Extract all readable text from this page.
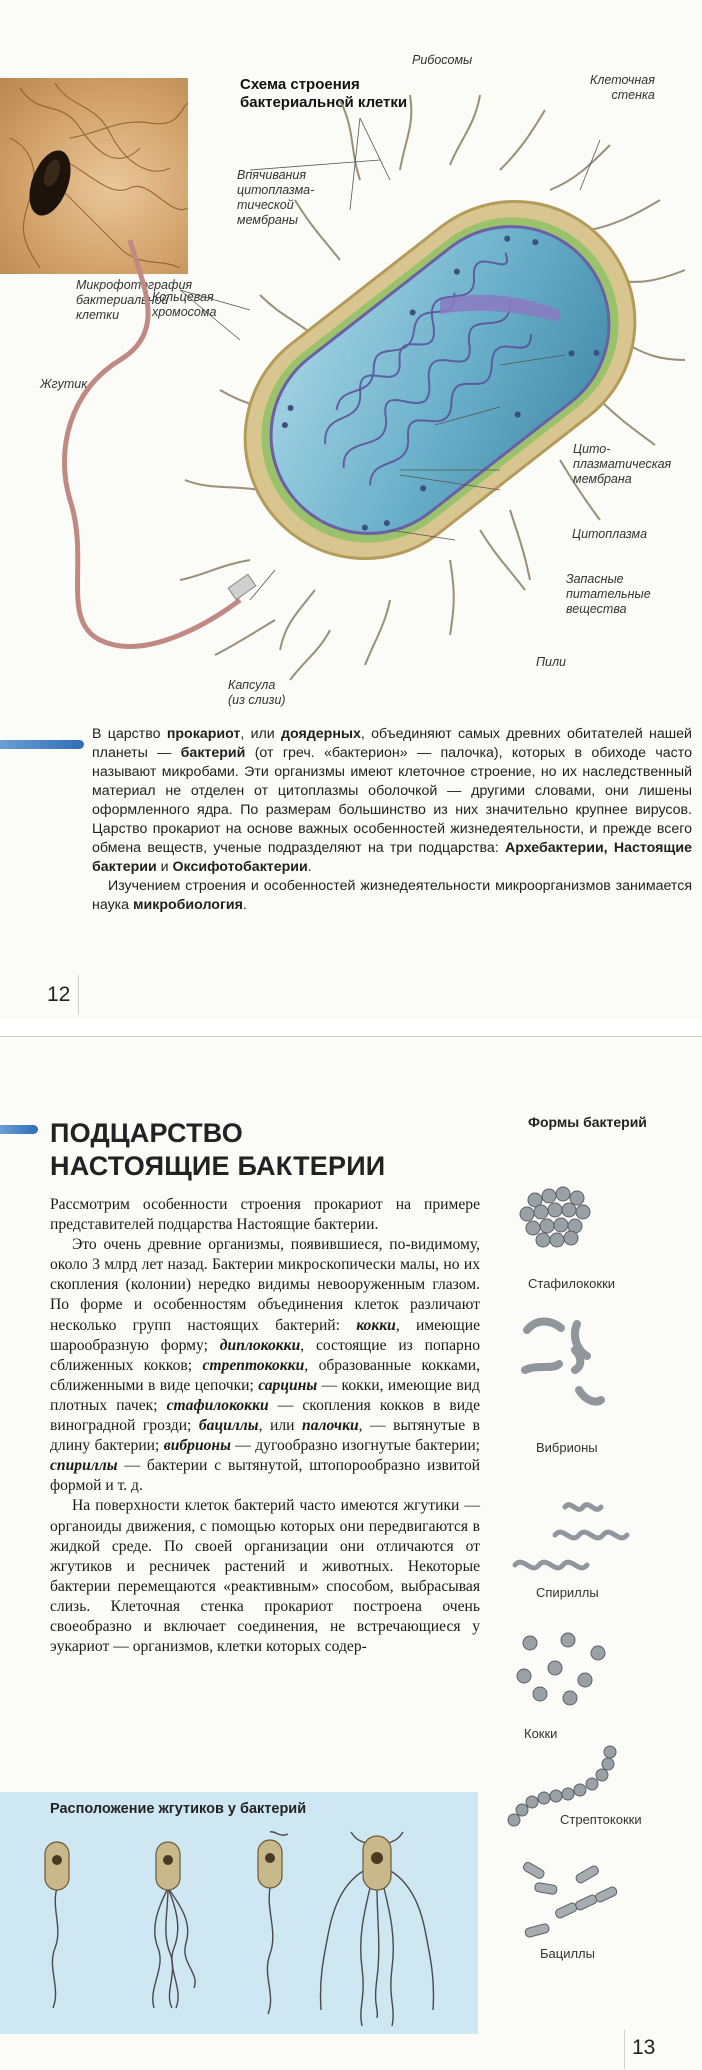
Микрофотография
бактериальной
клетки
Схема строения
бактериальной клетки
Рибосомы
Клеточная
стенка
Впячивания
цитоплазма-
тической
мембраны
Кольцевая
хромосома
Жгутик
Цито-
плазматическая
мембрана
Цитоплазма
Запасные
питательные
вещества
Пили
Капсула
(из слизи)

В царство прокариот, или доядерных, объединяют самых древних обитателей нашей планеты — бактерий (от греч. «бактерион» — палочка), которых в обиходе часто называют микробами. Эти организмы имеют клеточное строение, но их наследственный материал не отделен от цитоплазмы оболочкой — другими словами, они лишены оформленного ядра. По размерам большинство из них значительно крупнее вирусов. Царство прокариот на основе важных особенностей жизнедеятельности, и прежде всего обмена веществ, ученые подразделяют на три подцарства: Архебактерии, Настоящие бактерии и Оксифотобактерии.

Изучением строения и особенностей жизнедеятельности микроорганизмов занимается наука микробиология.

12
ПОДЦАРСТВО
НАСТОЯЩИЕ БАКТЕРИИ

Рассмотрим особенности строения прокариот на примере представителей подцарства Настоящие бактерии.

Это очень древние организмы, появившиеся, по-видимому, около 3 млрд лет назад. Бактерии микроскопически малы, но их скопления (колонии) нередко видимы невооруженным глазом. По форме и особенностям объединения клеток различают несколько групп настоящих бактерий: кокки, имеющие шарообразную форму; диплококки, состоящие из попарно сближенных кокков; стрептококки, образованные кокками, сближенными в виде цепочки; сарцины — кокки, имеющие вид плотных пачек; стафилококки — скопления кокков в виде виноградной грозди; бациллы, или палочки, — вытянутые в длину бактерии; вибрионы — дугообразно изогнутые бактерии; спириллы — бактерии с вытянутой, штопорообразно извитой формой и т. д.

На поверхности клеток бактерий часто имеются жгутики — органоиды движения, с помощью которых они передвигаются в жидкой среде. По своей организации они отличаются от жгутиков и ресничек растений и животных. Некоторые бактерии перемещаются «реактивным» способом, выбрасывая слизь. Клеточная стенка прокариот построена очень своеобразно и включает соединения, не встречающиеся у эукариот — организмов, клетки которых содер-

Расположение жгутиков у бактерий
Формы бактерий
Стафилококки
Вибрионы
Спириллы
Кокки
Стрептококки
Бациллы
13
